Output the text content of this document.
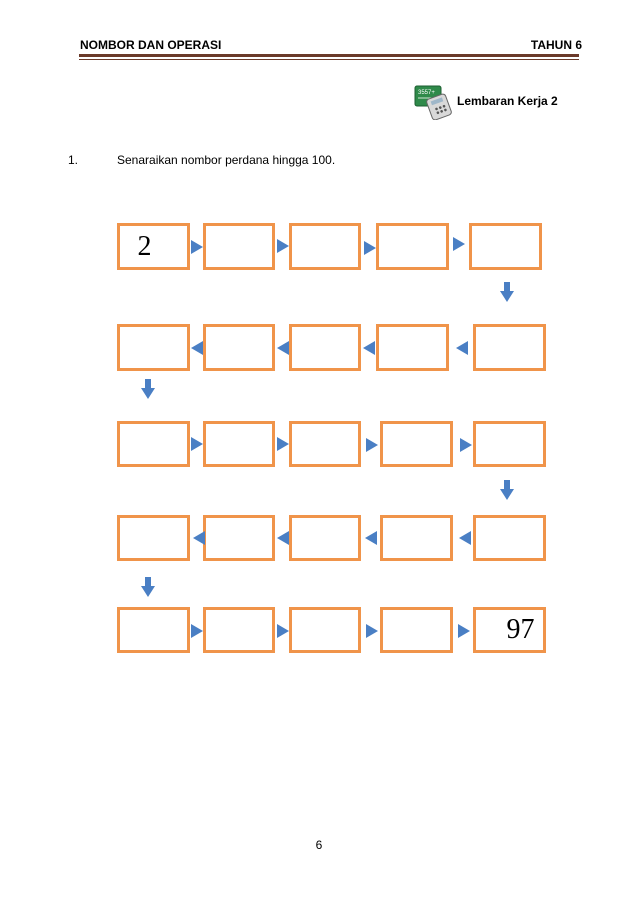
NOMBOR DAN OPERASI	TAHUN 6
3557+
Lembaran Kerja 2
1.	Senaraikan nombor perdana hingga 100.
2
97
6
